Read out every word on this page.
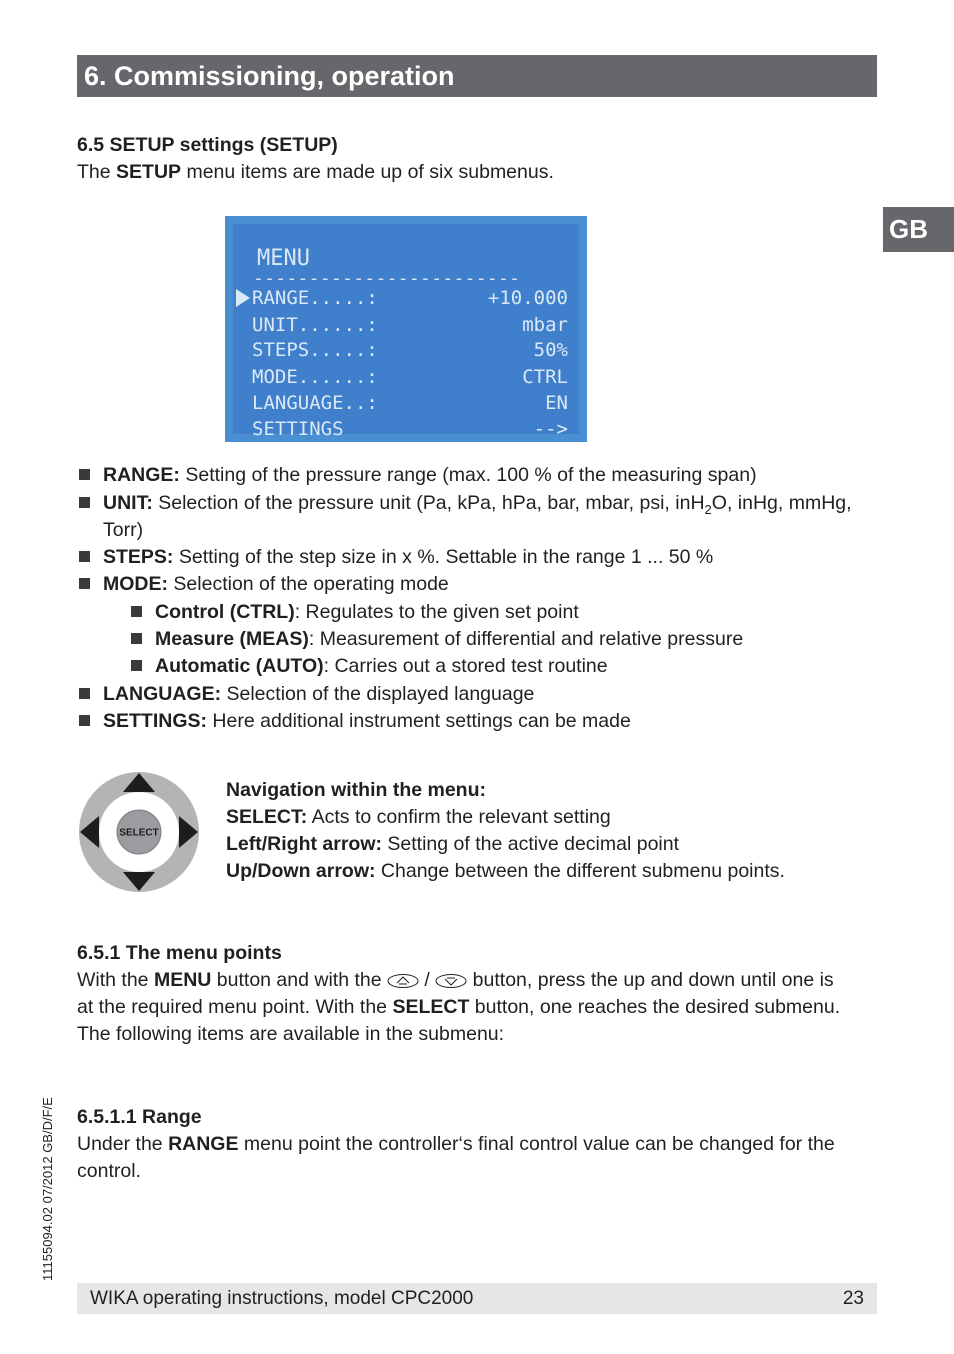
6. Commissioning, operation
GB
6.5 SETUP settings (SETUP)
The SETUP menu items are made up of six submenus.
MENU
------------------------
RANGE.....:	+10.000
UNIT......:	mbar
STEPS.....:	50%
MODE......:	CTRL
LANGUAGE..:	EN
SETTINGS	-->
RANGE: Setting of the pressure range (max. 100 % of the measuring span)
UNIT: Selection of the pressure unit (Pa, kPa, hPa, bar, mbar, psi, inH$_2$O, inHg, mmHg,
Torr)
STEPS: Setting of the step size in x %. Settable in the range 1 ... 50 %
MODE: Selection of the operating mode
Control (CTRL): Regulates to the given set point
Measure (MEAS): Measurement of differential and relative pressure
Automatic (AUTO): Carries out a stored test routine
LANGUAGE: Selection of the displayed language
SETTINGS: Here additional instrument settings can be made
SELECT
Navigation within the menu:
SELECT: Acts to confirm the relevant setting
Left/Right arrow: Setting of the active decimal point
Up/Down arrow: Change between the different submenu points.
6.5.1 The menu points
With the MENU button and with the  /  button, press the up and down until one is
at the required menu point. With the SELECT button, one reaches the desired submenu.
The following items are available in the submenu:
6.5.1.1 Range
Under the RANGE menu point the controller‘s final control value can be changed for the
control.
11155094.02 07/2012 GB/D/F/E
WIKA operating instructions, model CPC2000	23
